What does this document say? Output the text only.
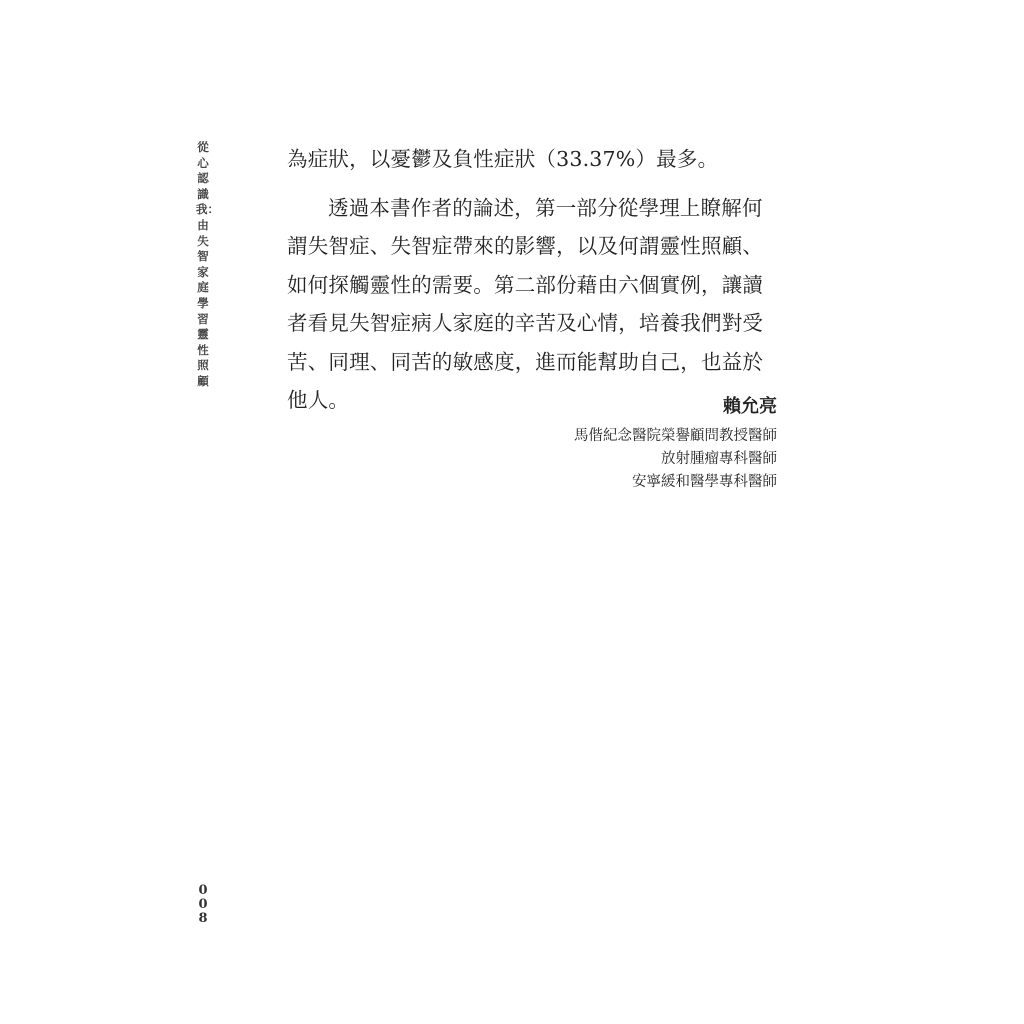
從心認識我：由失智家庭學習靈性照顧

為症狀，以憂鬱及負性症狀（33.37%）最多。

透過本書作者的論述，第一部分從學理上瞭解何謂失智症、失智症帶來的影響，以及何謂靈性照顧、如何探觸靈性的需要。第二部份藉由六個實例，讓讀者看見失智症病人家庭的辛苦及心情，培養我們對受苦、同理、同苦的敏感度，進而能幫助自己，也益於他人。	賴允亮
馬偕紀念醫院榮譽顧問教授醫師
放射腫瘤專科醫師
安寧緩和醫學專科醫師
008
